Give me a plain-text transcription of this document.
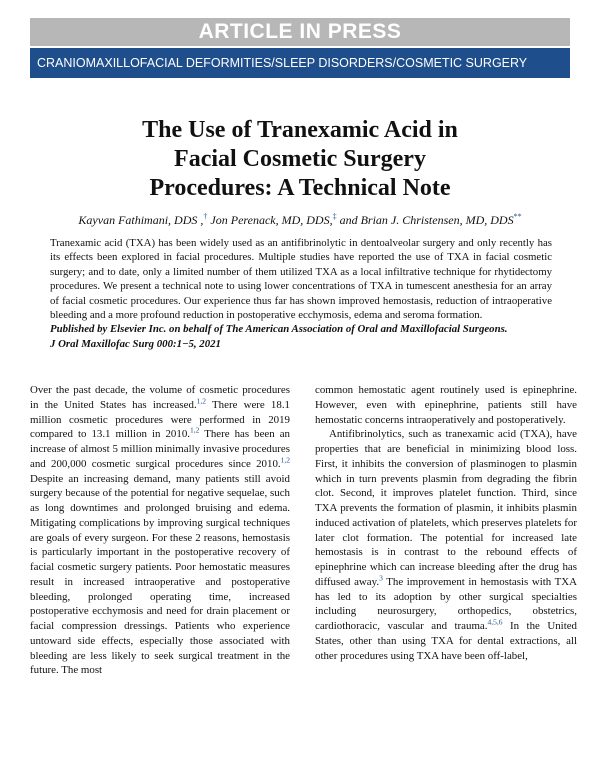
ARTICLE IN PRESS
CRANIOMAXILLOFACIAL DEFORMITIES/SLEEP DISORDERS/COSMETIC SURGERY
The Use of Tranexamic Acid in
Facial Cosmetic Surgery
Procedures: A Technical Note
Kayvan Fathimani, DDS ,† Jon Perenack, MD, DDS,‡ and Brian J. Christensen, MD, DDS**

Tranexamic acid (TXA) has been widely used as an antifibrinolytic in dentoalveolar surgery and only recently has its effects been explored in facial procedures. Multiple studies have reported the use of TXA in facial cosmetic surgery; and to date, only a limited number of them utilized TXA as a local infiltrative technique for rhytidectomy procedures. We present a technical note to using lower concentrations of TXA in tumescent anesthesia for an array of facial cosmetic procedures. Our experience thus far has shown improved hemostasis, reduction of intraoperative bleeding and a more profound reduction in postoperative ecchymosis, edema and seroma formation.

Published by Elsevier Inc. on behalf of The American Association of Oral and Maxillofacial Surgeons.

J Oral Maxillofac Surg 000:1−5, 2021

Over the past decade, the volume of cosmetic procedures in the United States has increased.$^{1,2}$ There were 18.1 million cosmetic procedures were performed in 2019 compared to 13.1 million in 2010.$^{1,2}$ There has been an increase of almost 5 million minimally invasive procedures and 200,000 cosmetic surgical procedures since 2010.$^{1,2}$ Despite an increasing demand, many patients still avoid surgery because of the potential for negative sequelae, such as long downtimes and prolonged bruising and edema. Mitigating complications by improving surgical techniques are goals of every surgeon. For these 2 reasons, hemostasis is particularly important in the postoperative recovery of facial cosmetic surgery patients. Poor hemostatic measures result in increased intraoperative and postoperative bleeding, prolonged operating time, increased postoperative ecchymosis and need for drain placement or facial compression dressings. Patients who experience untoward side effects, especially those associated with bleeding are less likely to seek surgical treatment in the future. The most

common hemostatic agent routinely used is epinephrine. However, even with epinephrine, patients still have hemostatic concerns intraoperatively and postoperatively.

Antifibrinolytics, such as tranexamic acid (TXA), have properties that are beneficial in minimizing blood loss. First, it inhibits the conversion of plasminogen to plasmin which in turn prevents plasmin from degrading the fibrin clot. Second, it improves platelet function. Third, since TXA prevents the formation of plasmin, it inhibits plasmin induced activation of platelets, which preserves platelets for later clot formation. The potential for increased late hemostasis is in contrast to the rebound effects of epinephrine which can increase bleeding after the drug has diffused away.$^3$ The improvement in hemostasis with TXA has led to its adoption by other surgical specialties including neurosurgery, orthopedics, obstetrics, cardiothoracic, vascular and trauma.$^{4,5,6}$ In the United States, other than using TXA for dental extractions, all other procedures using TXA have been off-label,
